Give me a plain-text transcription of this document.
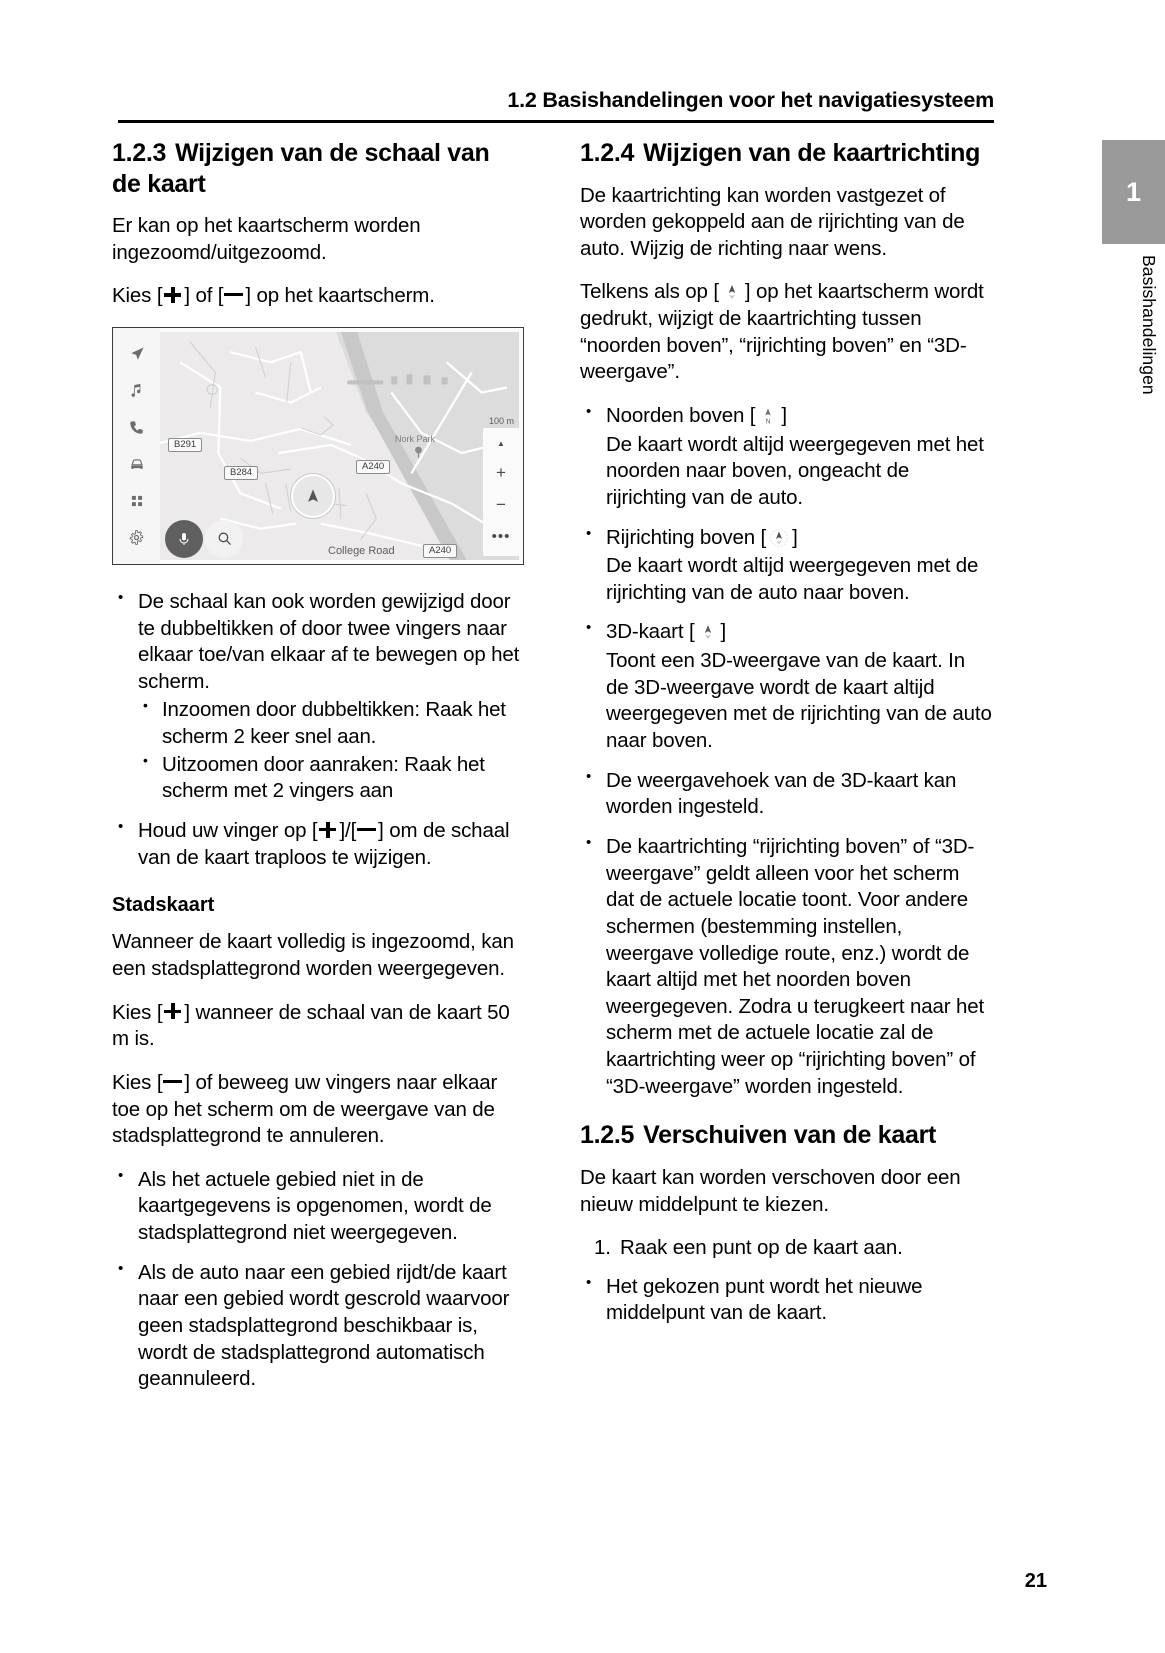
1.2 Basishandelingen voor het navigatiesysteem
1
Basishandelingen
1.2.3 Wijzigen van de schaal van de kaart

Er kan op het kaartscherm worden ingezoomd/uitgezoomd.

Kies [ ] of [ ] op het kaartscherm.

B291
B284
A240
A240
Nork Park
College Road
100 m
▲
+
−
•••
• De schaal kan ook worden gewijzigd door te dubbeltikken of door twee vingers naar elkaar toe/van elkaar af te bewegen op het scherm.
• Inzoomen door dubbeltikken: Raak het scherm 2 keer snel aan.
• Uitzoomen door aanraken: Raak het scherm met 2 vingers aan
• Houd uw vinger op [ ]/[ ] om de schaal van de kaart traploos te wijzigen.
Stadskaart

Wanneer de kaart volledig is ingezoomd, kan een stadsplattegrond worden weergegeven.

Kies [ ] wanneer de schaal van de kaart 50 m is.

Kies [ ] of beweeg uw vingers naar elkaar toe op het scherm om de weergave van de stadsplattegrond te annuleren.

• Als het actuele gebied niet in de kaartgegevens is opgenomen, wordt de stadsplattegrond niet weergegeven.
• Als de auto naar een gebied rijdt/de kaart naar een gebied wordt gescrold waarvoor geen stadsplattegrond beschikbaar is, wordt de stadsplattegrond automatisch geannuleerd.
1.2.4 Wijzigen van de kaartrichting

De kaartrichting kan worden vastgezet of worden gekoppeld aan de rijrichting van de auto. Wijzig de richting naar wens.

Telkens als op [ ] op het kaartscherm wordt gedrukt, wijzigt de kaartrichting tussen “noorden boven”, “rijrichting boven” en “3D-weergave”.

• Noorden boven [ N ]
De kaart wordt altijd weergegeven met het noorden naar boven, ongeacht de rijrichting van de auto.
• Rijrichting boven [ ]
De kaart wordt altijd weergegeven met de rijrichting van de auto naar boven.
• 3D-kaart [ ]
Toont een 3D-weergave van de kaart. In de 3D-weergave wordt de kaart altijd weergegeven met de rijrichting van de auto naar boven.
• De weergavehoek van de 3D-kaart kan worden ingesteld.
• De kaartrichting “rijrichting boven” of “3D-weergave” geldt alleen voor het scherm dat de actuele locatie toont. Voor andere schermen (bestemming instellen, weergave volledige route, enz.) wordt de kaart altijd met het noorden boven weergegeven. Zodra u terugkeert naar het scherm met de actuele locatie zal de kaartrichting weer op “rijrichting boven” of “3D-weergave” worden ingesteld.
1.2.5 Verschuiven van de kaart

De kaart kan worden verschoven door een nieuw middelpunt te kiezen.

1. Raak een punt op de kaart aan.
• Het gekozen punt wordt het nieuwe middelpunt van de kaart.
21
